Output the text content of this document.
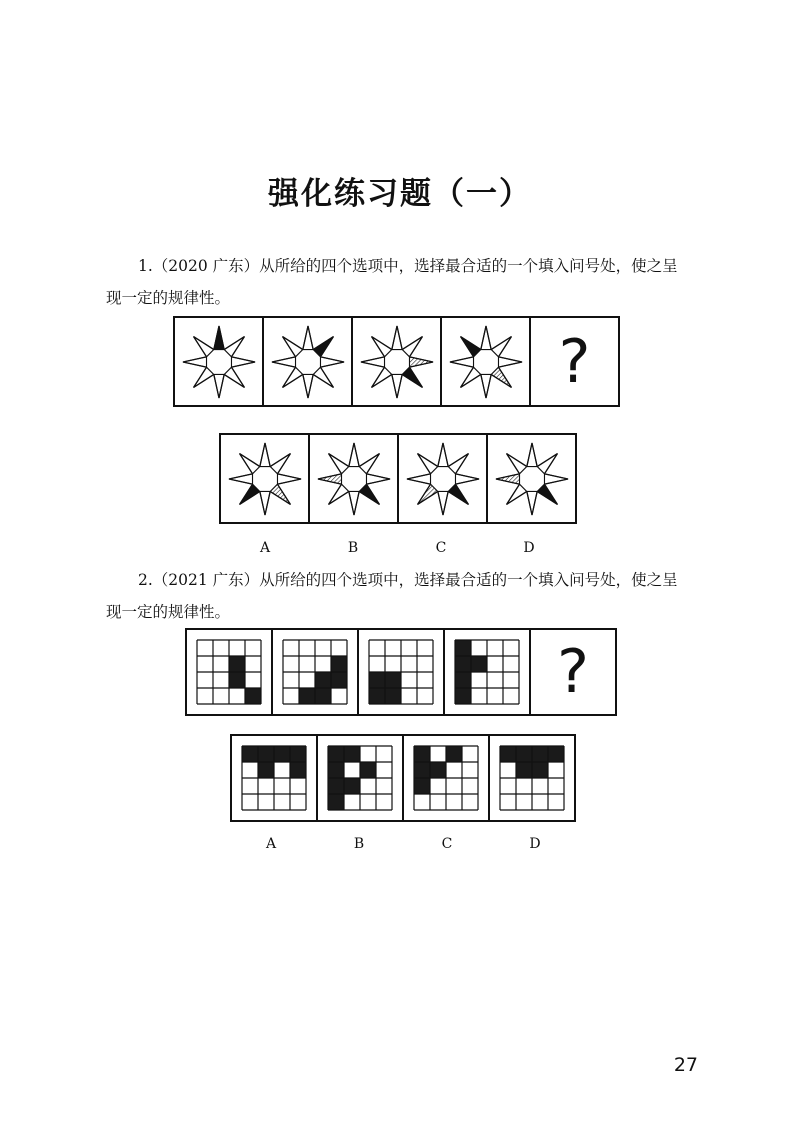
强化练习题（一）
1.（2020 广东）从所给的四个选项中，选择最合适的一个填入问号处，使之呈
现一定的规律性。
?
A	B	C	D
2.（2021 广东）从所给的四个选项中，选择最合适的一个填入问号处，使之呈
现一定的规律性。
?
A	B	C	D
27
